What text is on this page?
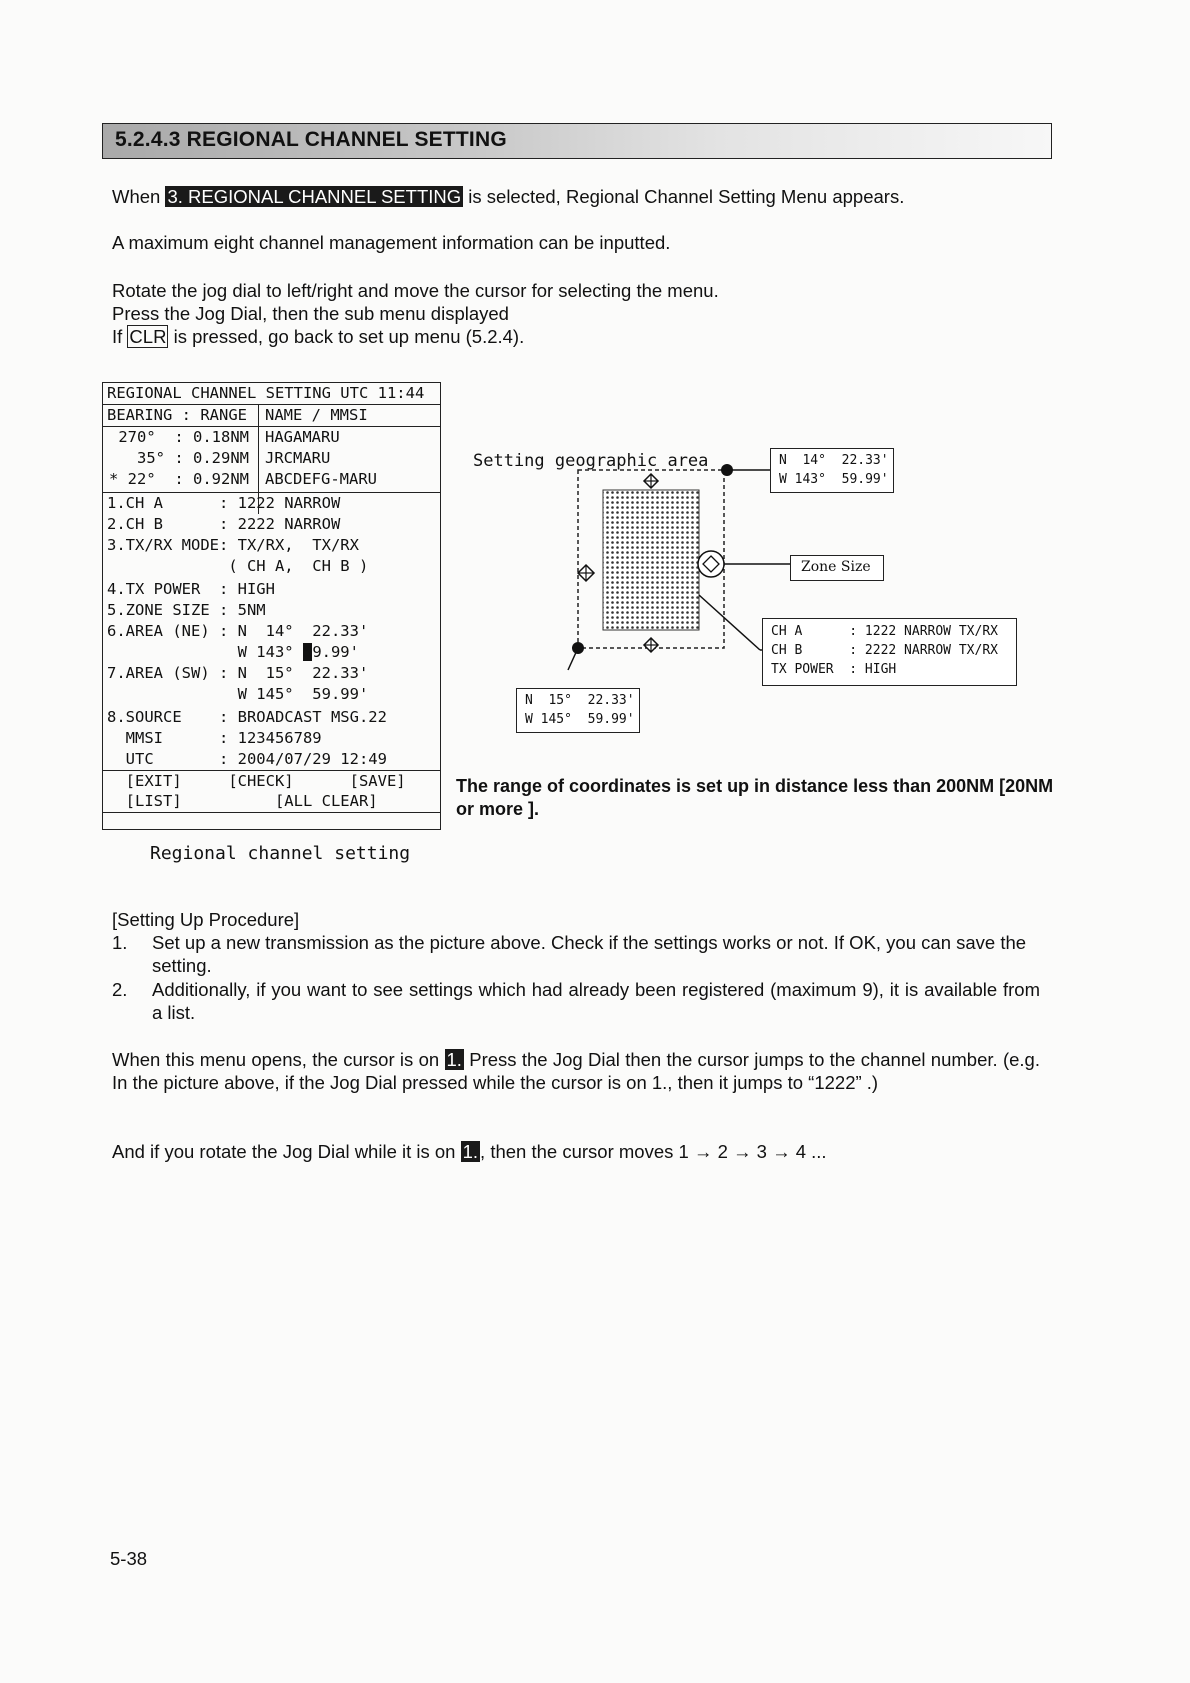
5.2.4.3 REGIONAL CHANNEL SETTING
When 3. REGIONAL CHANNEL SETTING is selected, Regional Channel Setting Menu appears.
A maximum eight channel management information can be inputted.
Rotate the jog dial to left/right and move the cursor for selecting the menu.
Press the Jog Dial, then the sub menu displayed
If CLR is pressed, go back to set up menu (5.2.4).
REGIONAL CHANNEL SETTING UTC 11:44
BEARING : RANGE NAME / MMSI
270°  : 0.18NM HAGAMARU
35° : 0.29NM JRCMARU
* 22°  : 0.92NM ABCDEFG-MARU
1.CH A      : 1222 NARROW
2.CH B      : 2222 NARROW
3.TX/RX MODE: TX/RX,  TX/RX
( CH A,  CH B )
4.TX POWER  : HIGH
5.ZONE SIZE : 5NM
6.AREA (NE) : N  14°  22.33'
W 143° 59.99'
7.AREA (SW) : N  15°  22.33'
W 145°  59.99'
8.SOURCE    : BROADCAST MSG.22
MMSI      : 123456789
UTC       : 2004/07/29 12:49
[EXIT]     [CHECK]      [SAVE]
[LIST]          [ALL CLEAR]
Regional channel setting
Setting geographic area	N  14°  22.33'
W 143°  59.99'
Zone Size
CH A      : 1222 NARROW TX/RX
CH B      : 2222 NARROW TX/RX
TX POWER  : HIGH
N  15°  22.33'
W 145°  59.99'
The range of coordinates is set up in distance less than 200NM [20NM or more ].
[Setting Up Procedure]
1. Set up a new transmission as the picture above. Check if the settings works or not. If OK, you can save the setting.
2. Additionally, if you want to see settings which had already been registered (maximum 9), it is available from a list.
When this menu opens, the cursor is on 1. Press the Jog Dial then the cursor jumps to the channel number. (e.g. In the picture above, if the Jog Dial pressed while the cursor is on 1., then it jumps to “1222” .)
And if you rotate the Jog Dial while it is on 1. , then the cursor moves 1 → 2 → 3 → 4 ...
5-38
